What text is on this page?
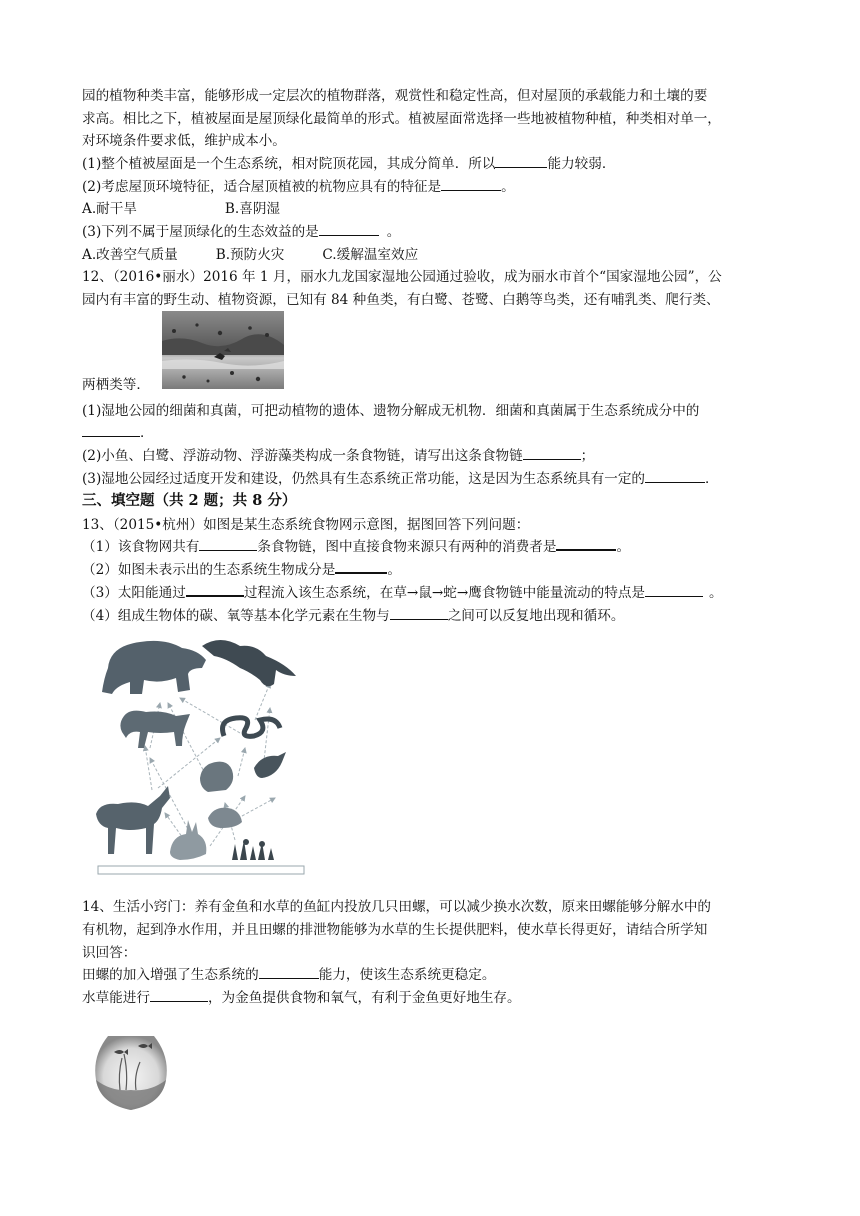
园的植物种类丰富，能够形成一定层次的植物群落，观赏性和稳定性高，但对屋顶的承载能力和土壤的要
求高。相比之下，植被屋面是屋顶绿化最简单的形式。植被屋面常选择一些地被植物种植，种类相对单一，
对环境条件要求低，维护成本小。
(1)整个植被屋面是一个生态系统，相对院顶花园，其成分简单．所以	能力较弱．
(2)考虑屋顶环境特征，适合屋顶植被的杭物应具有的特征是	。
A.耐干旱	B.喜阴湿
(3)下列不属于屋顶绿化的生态效益的是	。
A.改善空气质量	B.预防火灾	C.缓解温室效应
12、（2016•丽水）2016 年 1 月，丽水九龙国家湿地公园通过验收，成为丽水市首个“国家湿地公园”，公
园内有丰富的野生动、植物资源，已知有 84 种鱼类，有白鹭、苍鹭、白鹅等鸟类，还有哺乳类、爬行类、
两栖类等．
(1)湿地公园的细菌和真菌，可把动植物的遗体、遗物分解成无机物．细菌和真菌属于生态系统成分中的
．
(2)小鱼、白鹭、浮游动物、浮游藻类构成一条食物链，请写出这条食物链	；
(3)湿地公园经过适度开发和建设，仍然具有生态系统正常功能，这是因为生态系统具有一定的	．
三、填空题（共 2 题；共 8 分）
13、（2015•杭州）如图是某生态系统食物网示意图，据图回答下列问题：
（1）该食物网共有	条食物链，图中直接食物来源只有两种的消费者是	。
（2）如图未表示出的生态系统生物成分是	。
（3）太阳能通过	过程流入该生态系统，在草→鼠→蛇→鹰食物链中能量流动的特点是	。
（4）组成生物体的碳、氧等基本化学元素在生物与	之间可以反复地出现和循环。
14、生活小窍门：养有金鱼和水草的鱼缸内投放几只田螺，可以减少换水次数，原来田螺能够分解水中的
有机物，起到净水作用，并且田螺的排泄物能够为水草的生长提供肥料，使水草长得更好，请结合所学知
识回答：
田螺的加入增强了生态系统的	能力，使该生态系统更稳定。
水草能进行	，为金鱼提供食物和氧气，有利于金鱼更好地生存。
